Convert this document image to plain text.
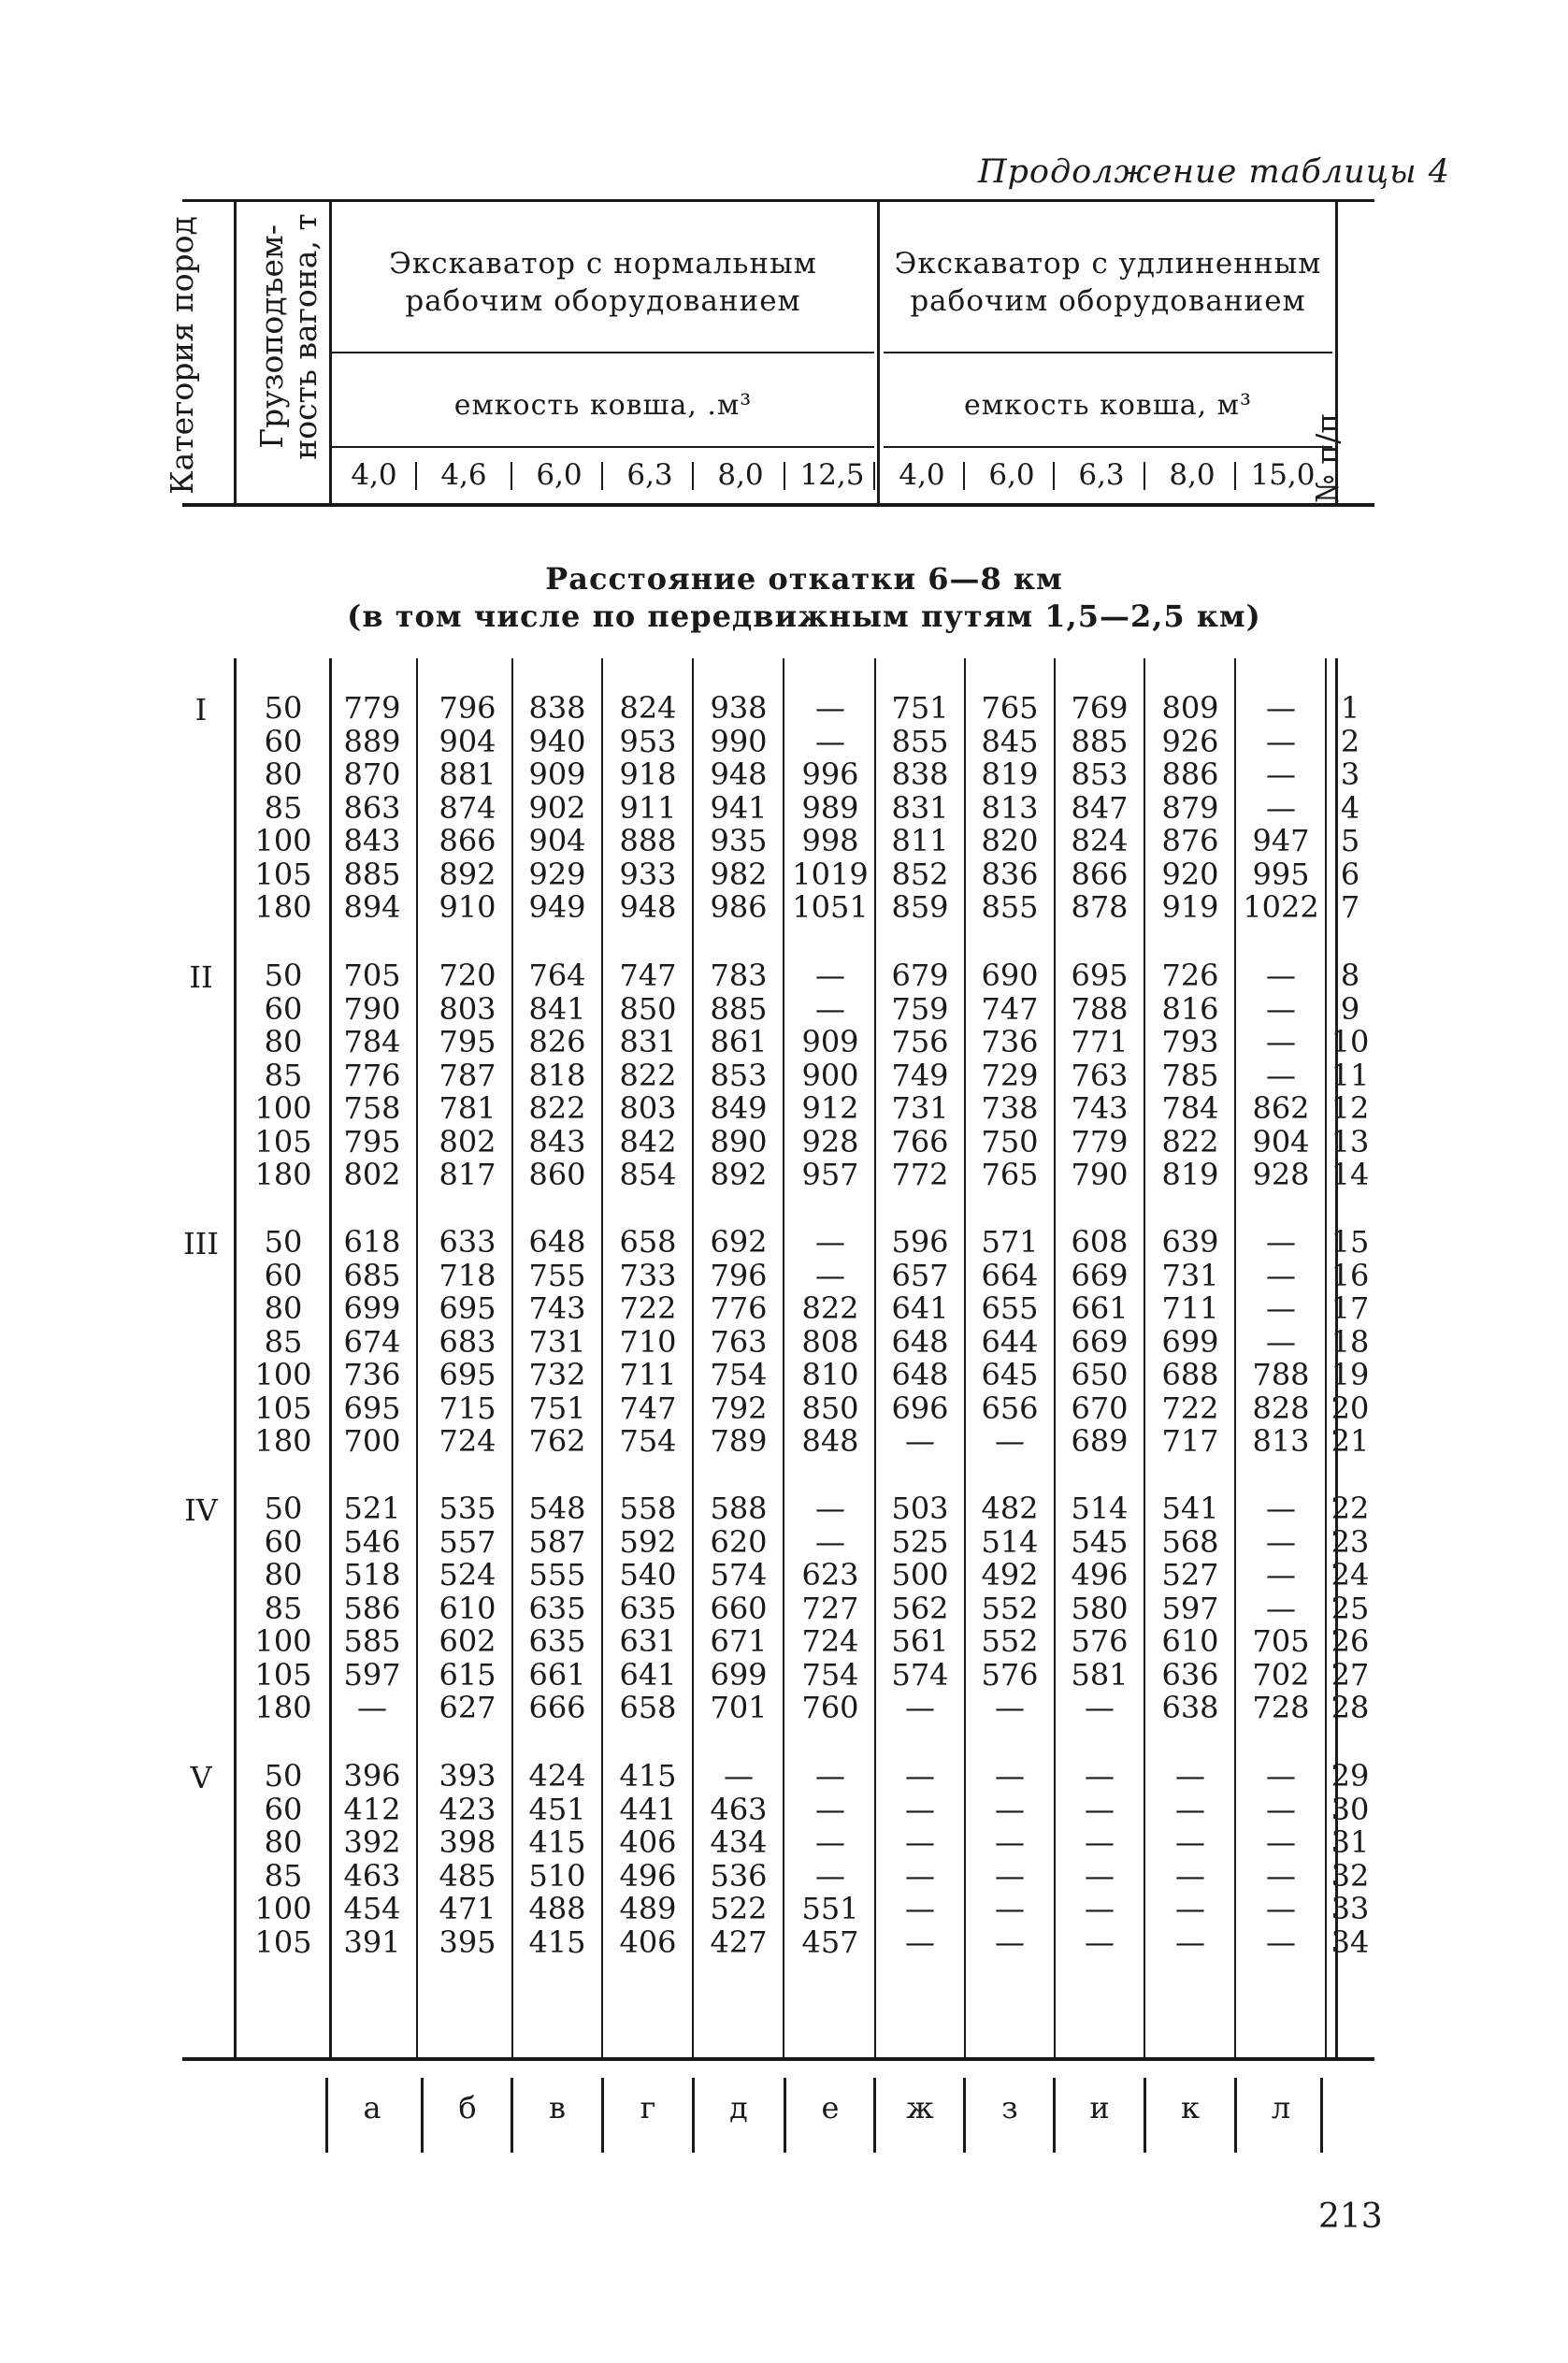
Продолжение таблицы 4
Категория пород Грузоподъем-
ность вагона, т	№ п/п
Экскаватор с нормальным
рабочим оборудованием
Экскаватор с удлиненным
рабочим оборудованием
емкость ковша, .м³	емкость ковша, м³
4,0	4,6	6,0	6,3	8,0	12,5	4,0	6,0	6,3	8,0	15,0
Расстояние откатки 6—8 км
(в том числе по передвижным путям 1,5—2,5 км)
I	50	779	796	838	824	938	—	751	765	769	809	—	1
60	889	904	940	953	990	—	855	845	885	926	—	2
80	870	881	909	918	948	996	838	819	853	886	—	3
85	863	874	902	911	941	989	831	813	847	879	—	4
100	843	866	904	888	935	998	811	820	824	876	947	5
105	885	892	929	933	982 1019 852	836	866	920	995	6
180	894	910	949	948	986 1051 859	855	878	919 1022 7
II	50	705	720	764	747	783	—	679	690	695	726	—	8
60	790	803	841	850	885	—	759	747	788	816	—	9
80	784	795	826	831	861	909	756	736	771	793	—	10
85	776	787	818	822	853	900	749	729	763	785	—	11
100	758	781	822	803	849	912	731	738	743	784	862 12
105	795	802	843	842	890	928	766	750	779	822	904 13
180	802	817	860	854	892	957	772	765	790	819	928 14
III	50	618	633	648	658	692	—	596	571	608	639	—	15
60	685	718	755	733	796	—	657	664	669	731	—	16
80	699	695	743	722	776	822	641	655	661	711	—	17
85	674	683	731	710	763	808	648	644	669	699	—	18
100	736	695	732	711	754	810	648	645	650	688	788 19
105	695	715	751	747	792	850	696	656	670	722	828 20
180	700	724	762	754	789	848	—	—	689	717	813 21
IV	50	521	535	548	558	588	—	503	482	514	541	—	22
60	546	557	587	592	620	—	525	514	545	568	—	23
80	518	524	555	540	574	623	500	492	496	527	—	24
85	586	610	635	635	660	727	562	552	580	597	—	25
100	585	602	635	631	671	724	561	552	576	610	705 26
105	597	615	661	641	699	754	574	576	581	636	702 27
180	—	627	666	658	701	760	—	—	—	638	728 28
V	50	396	393	424	415	—	—	—	—	—	—	—	29
60	412	423	451	441	463	—	—	—	—	—	—	30
80	392	398	415	406	434	—	—	—	—	—	—	31
85	463	485	510	496	536	—	—	—	—	—	—	32
100	454	471	488	489	522	551	—	—	—	—	—	33
105	391	395	415	406	427	457	—	—	—	—	—	34
а	б	в	г	д	е	ж	з	и	к	л
213
